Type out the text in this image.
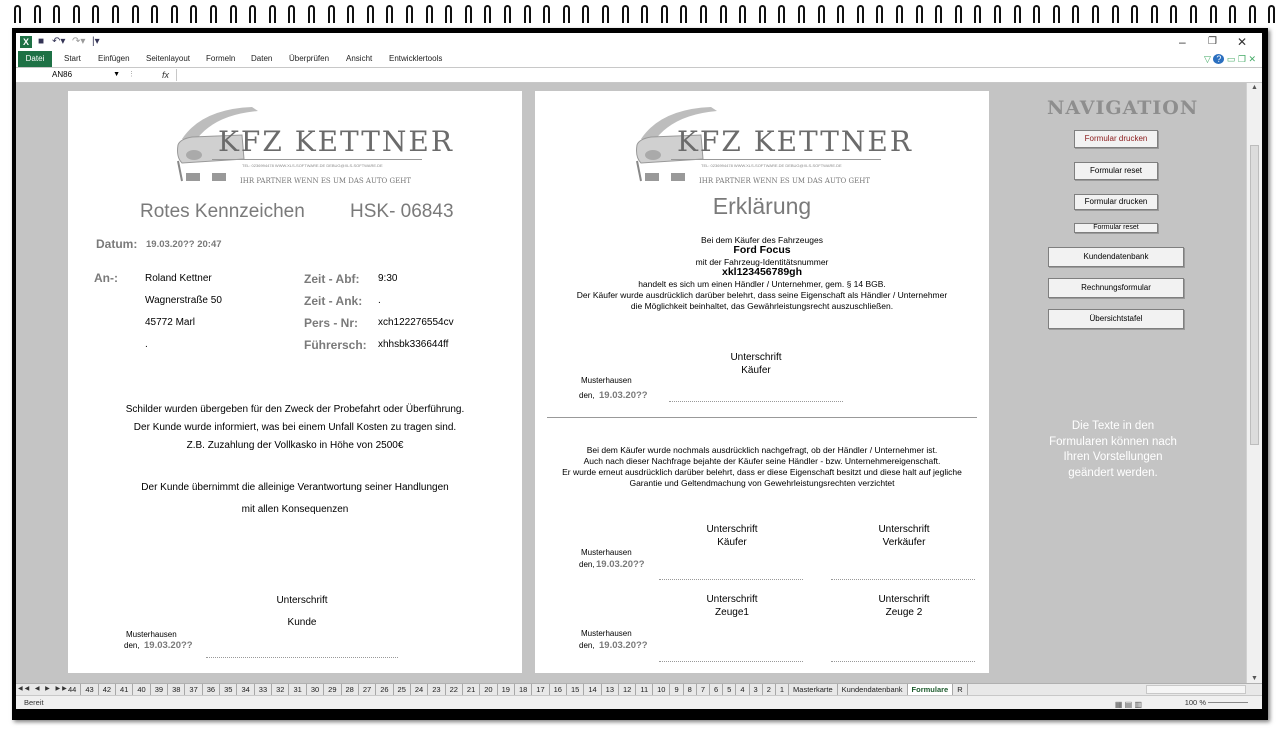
X ■ ↶▾ ↷▾ |▾	– ❐ ✕
Datei	Start Einfügen Seitenlayout Formeln Daten Überprüfen Ansicht Entwicklertools	▽ ? ▭ ❐ ✕
AN86	▼ ⋮	fx
KFZ KETTNER
TEL: 0236994478 WWW.XLS-SOFTWARE.DE DEBUG@XLS-SOFTWARE.DE
IHR PARTNER WENN ES UM DAS AUTO GEHT
Rotes Kennzeichen HSK- 06843
Datum: 19.03.20?? 20:47
An-:	Roland Kettner
Wagnerstraße 50
45772 Marl
.
Zeit - Abf: 9:30
Zeit - Ank: .
Pers - Nr: xch122276554cv
Führersch: xhhsbk336644ff
Schilder wurden übergeben für den Zweck der Probefahrt oder Überführung.
Der Kunde wurde informiert, was bei einem Unfall Kosten zu tragen sind.
Z.B. Zuzahlung der Vollkasko in Höhe von 2500€
Der Kunde übernimmt die alleinige Verantwortung seiner Handlungen
mit allen Konsequenzen
Unterschrift
Kunde
Musterhausen
den, 19.03.20??
KFZ KETTNER
TEL: 0236994478 WWW.XLS-SOFTWARE.DE DEBUG@XLS-SOFTWARE.DE
IHR PARTNER WENN ES UM DAS AUTO GEHT
Erklärung
Bei dem Käufer des Fahrzeuges
Ford Focus
mit der Fahrzeug-Identitätsnummer
xkl123456789gh
handelt es sich um einen Händler / Unternehmer, gem. § 14 BGB.
Der Käufer wurde ausdrücklich darüber belehrt, dass seine Eigenschaft als Händler / Unternehmer
die Möglichkeit beinhaltet, das Gewährleistungsrecht auszuschließen.
Unterschrift
Käufer
Musterhausen
den, 19.03.20??
Bei dem Käufer wurde nochmals ausdrücklich nachgefragt, ob der Händler / Unternehmer ist.
Auch nach dieser Nachfrage bejahte der Käufer seine Händler - bzw. Unternehmereigenschaft.
Er wurde erneut ausdrücklich darüber belehrt, dass er diese Eigenschaft besitzt und diese halt auf jegliche
Garantie und Geltendmachung von Gewehrleistungsrechten verzichtet
Unterschrift
Käufer
Unterschrift
Verkäufer
Musterhausen
den, 19.03.20??
Unterschrift
Zeuge1
Unterschrift
Zeuge 2
Musterhausen
den, 19.03.20??
NAVIGATION
Formular drucken
Formular reset
Formular drucken
Formular reset
Kundendatenbank
Rechnungsformular
Übersichtstafel
Die Texte in den Formularen können nach Ihren Vorstellungen geändert werden.
▲
▼
◀◀ ◀ ▶ ▶▶ 44 43 42 41 40 39 38 37 36 35 34 33 32 31 30 29 28 27 26 25 24 23 22 21 20 19 18 17 16 15 14 13 12 11 10 9 8 7 6 5 4 3 2 1 Masterkarte Kundendatenbank Formulare R
Bereit	▦ ▤ ▥	100 %
